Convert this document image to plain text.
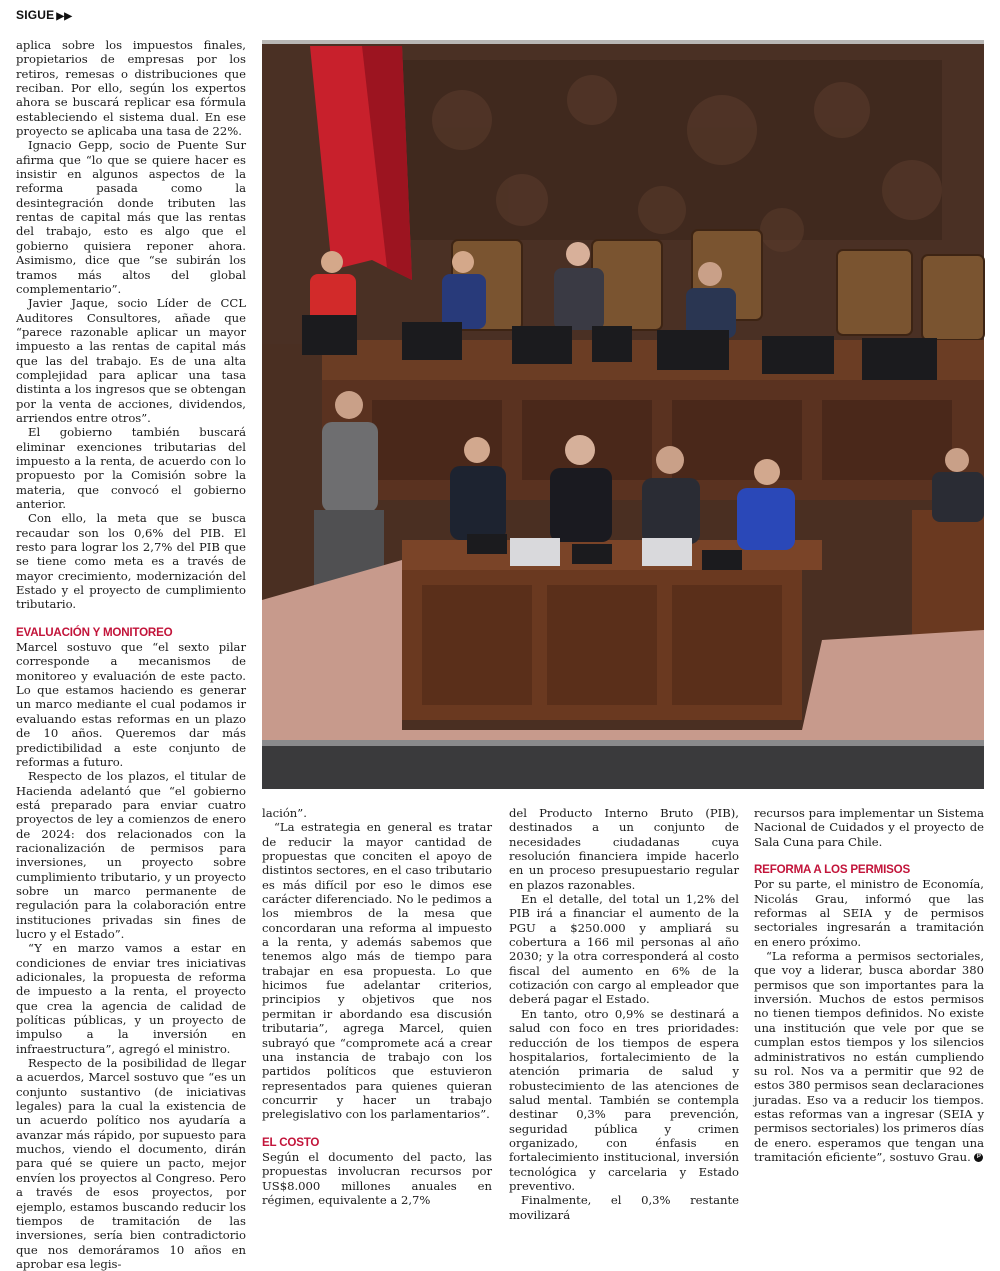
SIGUE ▶▶

aplica sobre los impuestos finales, propietarios de empresas por los retiros, remesas o distribuciones que reciban. Por ello, según los expertos ahora se buscará replicar esa fórmula estableciendo el sistema dual. En ese proyecto se aplicaba una tasa de 22%.

Ignacio Gepp, socio de Puente Sur afirma que “lo que se quiere hacer es insistir en algunos aspectos de la reforma pasada como la desintegración donde tributen las rentas de capital más que las rentas del trabajo, esto es algo que el gobierno quisiera reponer ahora. Asimismo, dice que “se subirán los tramos más altos del global complementario”.

Javier Jaque, socio Líder de CCL Auditores Consultores, añade que “parece razonable aplicar un mayor impuesto a las rentas de capital más que las del trabajo. Es de una alta complejidad para aplicar una tasa distinta a los ingresos que se obtengan por la venta de acciones, dividendos, arriendos entre otros”.

El gobierno también buscará eliminar exenciones tributarias del impuesto a la renta, de acuerdo con lo propuesto por la Comisión sobre la materia, que convocó el gobierno anterior.

Con ello, la meta que se busca recaudar son los 0,6% del PIB. El resto para lograr los 2,7% del PIB que se tiene como meta es a través de mayor crecimiento, modernización del Estado y el proyecto de cumplimiento tributario.

EVALUACIÓN Y MONITOREO

Marcel sostuvo que “el sexto pilar corresponde a mecanismos de monitoreo y evaluación de este pacto. Lo que estamos haciendo es generar un marco mediante el cual podamos ir evaluando estas reformas en un plazo de 10 años. Queremos dar más predictibilidad a este conjunto de reformas a futuro.

Respecto de los plazos, el titular de Hacienda adelantó que “el gobierno está preparado para enviar cuatro proyectos de ley a comienzos de enero de 2024: dos relacionados con la racionalización de permisos para inversiones, un proyecto sobre cumplimiento tributario, y un proyecto sobre un marco permanente de regulación para la colaboración entre instituciones privadas sin fines de lucro y el Estado”.

“Y en marzo vamos a estar en condiciones de enviar tres iniciativas adicionales, la propuesta de reforma de impuesto a la renta, el proyecto que crea la agencia de calidad de políticas públicas, y un proyecto de impulso a la inversión en infraestructura”, agregó el ministro.

Respecto de la posibilidad de llegar a acuerdos, Marcel sostuvo que “es un conjunto sustantivo (de iniciativas legales) para la cual la existencia de un acuerdo político nos ayudaría a avanzar más rápido, por supuesto para muchos, viendo el documento, dirán para qué se quiere un pacto, mejor envíen los proyectos al Congreso. Pero a través de esos proyectos, por ejemplo, estamos buscando reducir los tiempos de tramitación de las inversiones, sería bien contradictorio que nos demoráramos 10 años en aprobar esa legis-

lación”.

“La estrategia en general es tratar de reducir la mayor cantidad de propuestas que conciten el apoyo de distintos sectores, en el caso tributario es más difícil por eso le dimos ese carácter diferenciado. No le pedimos a los miembros de la mesa que concordaran una reforma al impuesto a la renta, y además sabemos que tenemos algo más de tiempo para trabajar en esa propuesta. Lo que hicimos fue adelantar criterios, principios y objetivos que nos permitan ir abordando esa discusión tributaria”, agrega Marcel, quien subrayó que “compromete acá a crear una instancia de trabajo con los partidos políticos que estuvieron representados para quienes quieran concurrir y hacer un trabajo prelegislativo con los parlamentarios”.

EL COSTO

Según el documento del pacto, las propuestas involucran recursos por US$8.000 millones anuales en régimen, equivalente a 2,7%

del Producto Interno Bruto (PIB), destinados a un conjunto de necesidades ciudadanas cuya resolución financiera impide hacerlo en un proceso presupuestario regular en plazos razonables.

En el detalle, del total un 1,2% del PIB irá a financiar el aumento de la PGU a $250.000 y ampliará su cobertura a 166 mil personas al año 2030; y la otra corresponderá al costo fiscal del aumento en 6% de la cotización con cargo al empleador que deberá pagar el Estado.

En tanto, otro 0,9% se destinará a salud con foco en tres prioridades: reducción de los tiempos de espera hospitalarios, fortalecimiento de la atención primaria de salud y robustecimiento de las atenciones de salud mental. También se contempla destinar 0,3% para prevención, seguridad pública y crimen organizado, con énfasis en fortalecimiento institucional, inversión tecnológica y carcelaria y Estado preventivo.

Finalmente, el 0,3% restante movilizará

recursos para implementar un Sistema Nacional de Cuidados y el proyecto de Sala Cuna para Chile.

REFORMA A LOS PERMISOS

Por su parte, el ministro de Economía, Nicolás Grau, informó que las reformas al SEIA y de permisos sectoriales ingresarán a tramitación en enero próximo.

“La reforma a permisos sectoriales, que voy a liderar, busca abordar 380 permisos que son importantes para la inversión. Muchos de estos permisos no tienen tiempos definidos. No existe una institución que vele por que se cumplan estos tiempos y los silencios administrativos no están cumpliendo su rol. Nos va a permitir que 92 de estos 380 permisos sean declaraciones juradas. Eso va a reducir los tiempos. estas reformas van a ingresar (SEIA y permisos sectoriales) los primeros días de enero. esperamos que tengan una tramitación eficiente”, sostuvo Grau. P
